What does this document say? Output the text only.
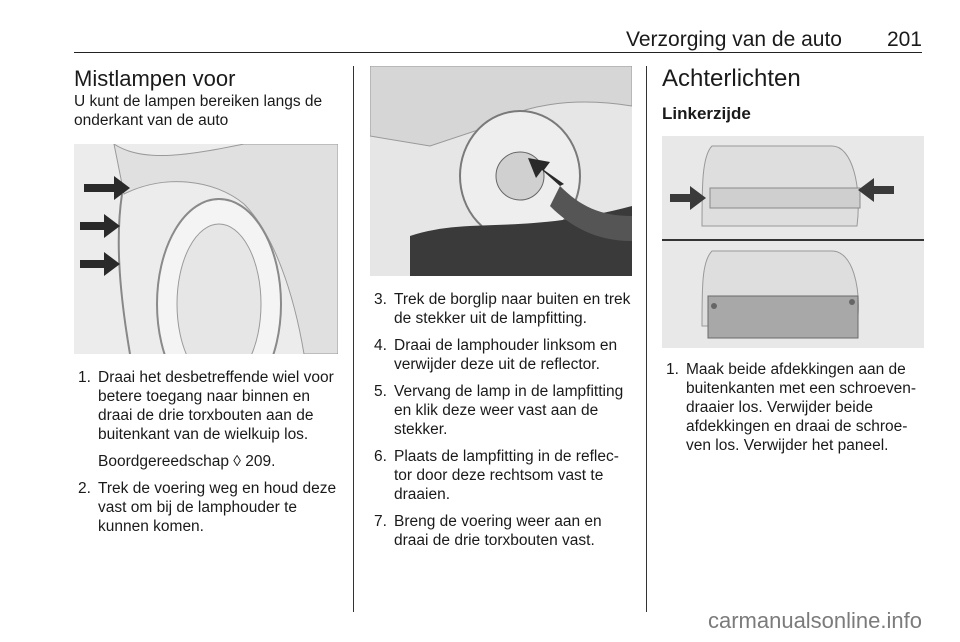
Verzorging van de auto 201
Mistlampen voor

U kunt de lampen bereiken langs de onderkant van de auto

1. Draai het desbetreffende wiel voor betere toegang naar binnen en draai de drie torxbouten aan de buitenkant van de wielkuip los.
Boordgereedschap ◊ 209.
2. Trek de voering weg en houd deze vast om bij de lamphouder te kunnen komen.
3. Trek de borglip naar buiten en trek de stekker uit de lampfitting.
4. Draai de lamphouder linksom en verwijder deze uit de reflector.
5. Vervang de lamp in de lampfitting en klik deze weer vast aan de stekker.
6. Plaats de lampfitting in de reflec-tor door deze rechtsom vast te draaien.
7. Breng de voering weer aan en draai de drie torxbouten vast.
Achterlichten
Linkerzijde
1. Maak beide afdekkingen aan de buitenkanten met een schroeven-draaier los. Verwijder beide afdekkingen en draai de schroe-ven los. Verwijder het paneel.
carmanualsonline.info
